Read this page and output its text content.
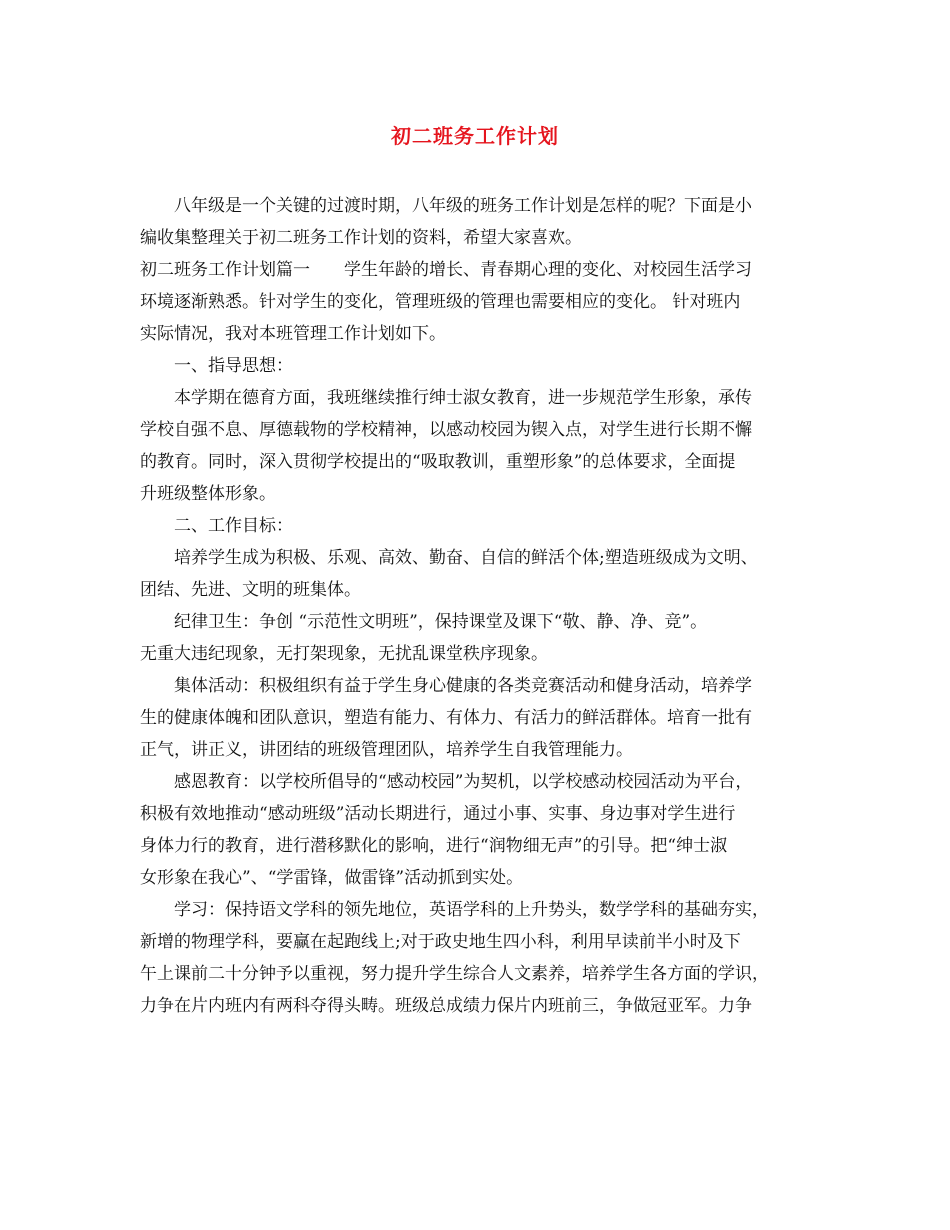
初二班务工作计划
八年级是一个关键的过渡时期，八年级的班务工作计划是怎样的呢？下面是小
编收集整理关于初二班务工作计划的资料，希望大家喜欢。
初二班务工作计划篇一　　学生年龄的增长、青春期心理的变化、对校园生活学习
环境逐渐熟悉。针对学生的变化，管理班级的管理也需要相应的变化。 针对班内
实际情况，我对本班管理工作计划如下。
一、指导思想：
本学期在德育方面，我班继续推行绅士淑女教育，进一步规范学生形象，承传
学校自强不息、厚德载物的学校精神，以感动校园为锲入点，对学生进行长期不懈
的教育。同时，深入贯彻学校提出的“吸取教训，重塑形象”的总体要求，全面提
升班级整体形象。
二、工作目标：
培养学生成为积极、乐观、高效、勤奋、自信的鲜活个体;塑造班级成为文明、
团结、先进、文明的班集体。
纪律卫生：争创 “示范性文明班”，保持课堂及课下“敬、静、净、竞”。
无重大违纪现象，无打架现象，无扰乱课堂秩序现象。
集体活动：积极组织有益于学生身心健康的各类竞赛活动和健身活动，培养学
生的健康体魄和团队意识，塑造有能力、有体力、有活力的鲜活群体。培育一批有
正气，讲正义，讲团结的班级管理团队，培养学生自我管理能力。
感恩教育：以学校所倡导的“感动校园”为契机，以学校感动校园活动为平台，
积极有效地推动“感动班级”活动长期进行，通过小事、实事、身边事对学生进行
身体力行的教育，进行潜移默化的影响，进行“润物细无声”的引导。把“绅士淑
女形象在我心”、“学雷锋，做雷锋”活动抓到实处。
学习：保持语文学科的领先地位，英语学科的上升势头，数学学科的基础夯实，
新增的物理学科，要赢在起跑线上;对于政史地生四小科，利用早读前半小时及下
午上课前二十分钟予以重视，努力提升学生综合人文素养，培养学生各方面的学识，
力争在片内班内有两科夺得头畴。班级总成绩力保片内班前三，争做冠亚军。力争
